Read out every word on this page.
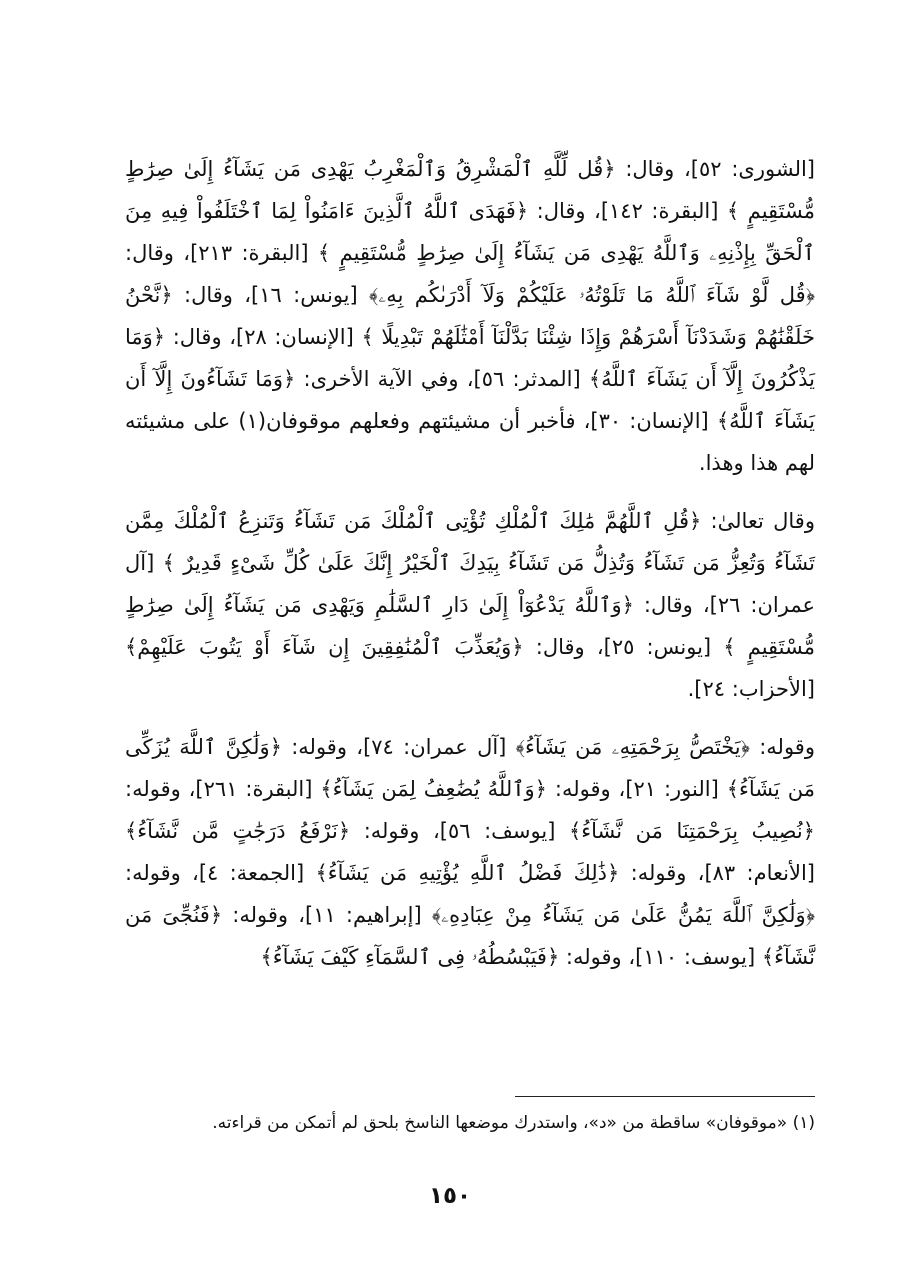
[الشورى: ٥٢]، وقال: ﴿قُل لِّلَّهِ ٱلْمَشْرِقُ وَٱلْمَغْرِبُ يَهْدِى مَن يَشَآءُ إِلَىٰ صِرَٰطٍ مُّسْتَقِيمٍ ﴾ [البقرة: ١٤٢]، وقال: ﴿فَهَدَى ٱللَّهُ ٱلَّذِينَ ءَامَنُواْ لِمَا ٱخْتَلَفُواْ فِيهِ مِنَ ٱلْحَقِّ بِإِذْنِهِۦ وَٱللَّهُ يَهْدِى مَن يَشَآءُ إِلَىٰ صِرَٰطٍ مُّسْتَقِيمٍ ﴾ [البقرة: ٢١٣]، وقال: ﴿قُل لَّوْ شَآءَ ٱللَّهُ مَا تَلَوْتُهُۥ عَلَيْكُمْ وَلَآ أَدْرَىٰكُم بِهِۦ﴾ [يونس: ١٦]، وقال: ﴿نَّحْنُ خَلَقْنَٰهُمْ وَشَدَدْنَآ أَسْرَهُمْ وَإِذَا شِئْنَا بَدَّلْنَآ أَمْثَٰلَهُمْ تَبْدِيلًا ﴾ [الإنسان: ٢٨]، وقال: ﴿وَمَا يَذْكُرُونَ إِلَّآ أَن يَشَآءَ ٱللَّهُ﴾ [المدثر: ٥٦]، وفي الآية الأخرى: ﴿وَمَا تَشَآءُونَ إِلَّآ أَن يَشَآءَ ٱللَّهُ﴾ [الإنسان: ٣٠]، فأخبر أن مشيئتهم وفعلهم موقوفان(١) على مشيئته لهم هذا وهذا.

وقال تعالىٰ: ﴿قُلِ ٱللَّهُمَّ مَٰلِكَ ٱلْمُلْكِ تُؤْتِى ٱلْمُلْكَ مَن تَشَآءُ وَتَنزِعُ ٱلْمُلْكَ مِمَّن تَشَآءُ وَتُعِزُّ مَن تَشَآءُ وَتُذِلُّ مَن تَشَآءُ بِيَدِكَ ٱلْخَيْرُ إِنَّكَ عَلَىٰ كُلِّ شَىْءٍ قَدِيرٌ ﴾ [آل عمران: ٢٦]، وقال: ﴿وَٱللَّهُ يَدْعُوٓاْ إِلَىٰ دَارِ ٱلسَّلَٰمِ وَيَهْدِى مَن يَشَآءُ إِلَىٰ صِرَٰطٍ مُّسْتَقِيمٍ ﴾ [يونس: ٢٥]، وقال: ﴿وَيُعَذِّبَ ٱلْمُنَٰفِقِينَ إِن شَآءَ أَوْ يَتُوبَ عَلَيْهِمْ﴾ [الأحزاب: ٢٤].

وقوله: ﴿يَخْتَصُّ بِرَحْمَتِهِۦ مَن يَشَآءُ﴾ [آل عمران: ٧٤]، وقوله: ﴿وَلَٰكِنَّ ٱللَّهَ يُزَكِّى مَن يَشَآءُ﴾ [النور: ٢١]، وقوله: ﴿وَٱللَّهُ يُضَٰعِفُ لِمَن يَشَآءُ﴾ [البقرة: ٢٦١]، وقوله: ﴿نُصِيبُ بِرَحْمَتِنَا مَن نَّشَآءُ﴾ [يوسف: ٥٦]، وقوله: ﴿نَرْفَعُ دَرَجَٰتٍ مَّن نَّشَآءُ﴾ [الأنعام: ٨٣]، وقوله: ﴿ذَٰلِكَ فَضْلُ ٱللَّهِ يُؤْتِيهِ مَن يَشَآءُ﴾ [الجمعة: ٤]، وقوله: ﴿وَلَٰكِنَّ ٱللَّهَ يَمُنُّ عَلَىٰ مَن يَشَآءُ مِنْ عِبَادِهِۦ﴾ [إبراهيم: ١١]، وقوله: ﴿فَنُجِّىَ مَن نَّشَآءُ﴾ [يوسف: ١١٠]، وقوله: ﴿فَيَبْسُطُهُۥ فِى ٱلسَّمَآءِ كَيْفَ يَشَآءُ﴾

(١) «موقوفان» ساقطة من «د»، واستدرك موضعها الناسخ بلحق لم أتمكن من قراءته.

١٥٠
